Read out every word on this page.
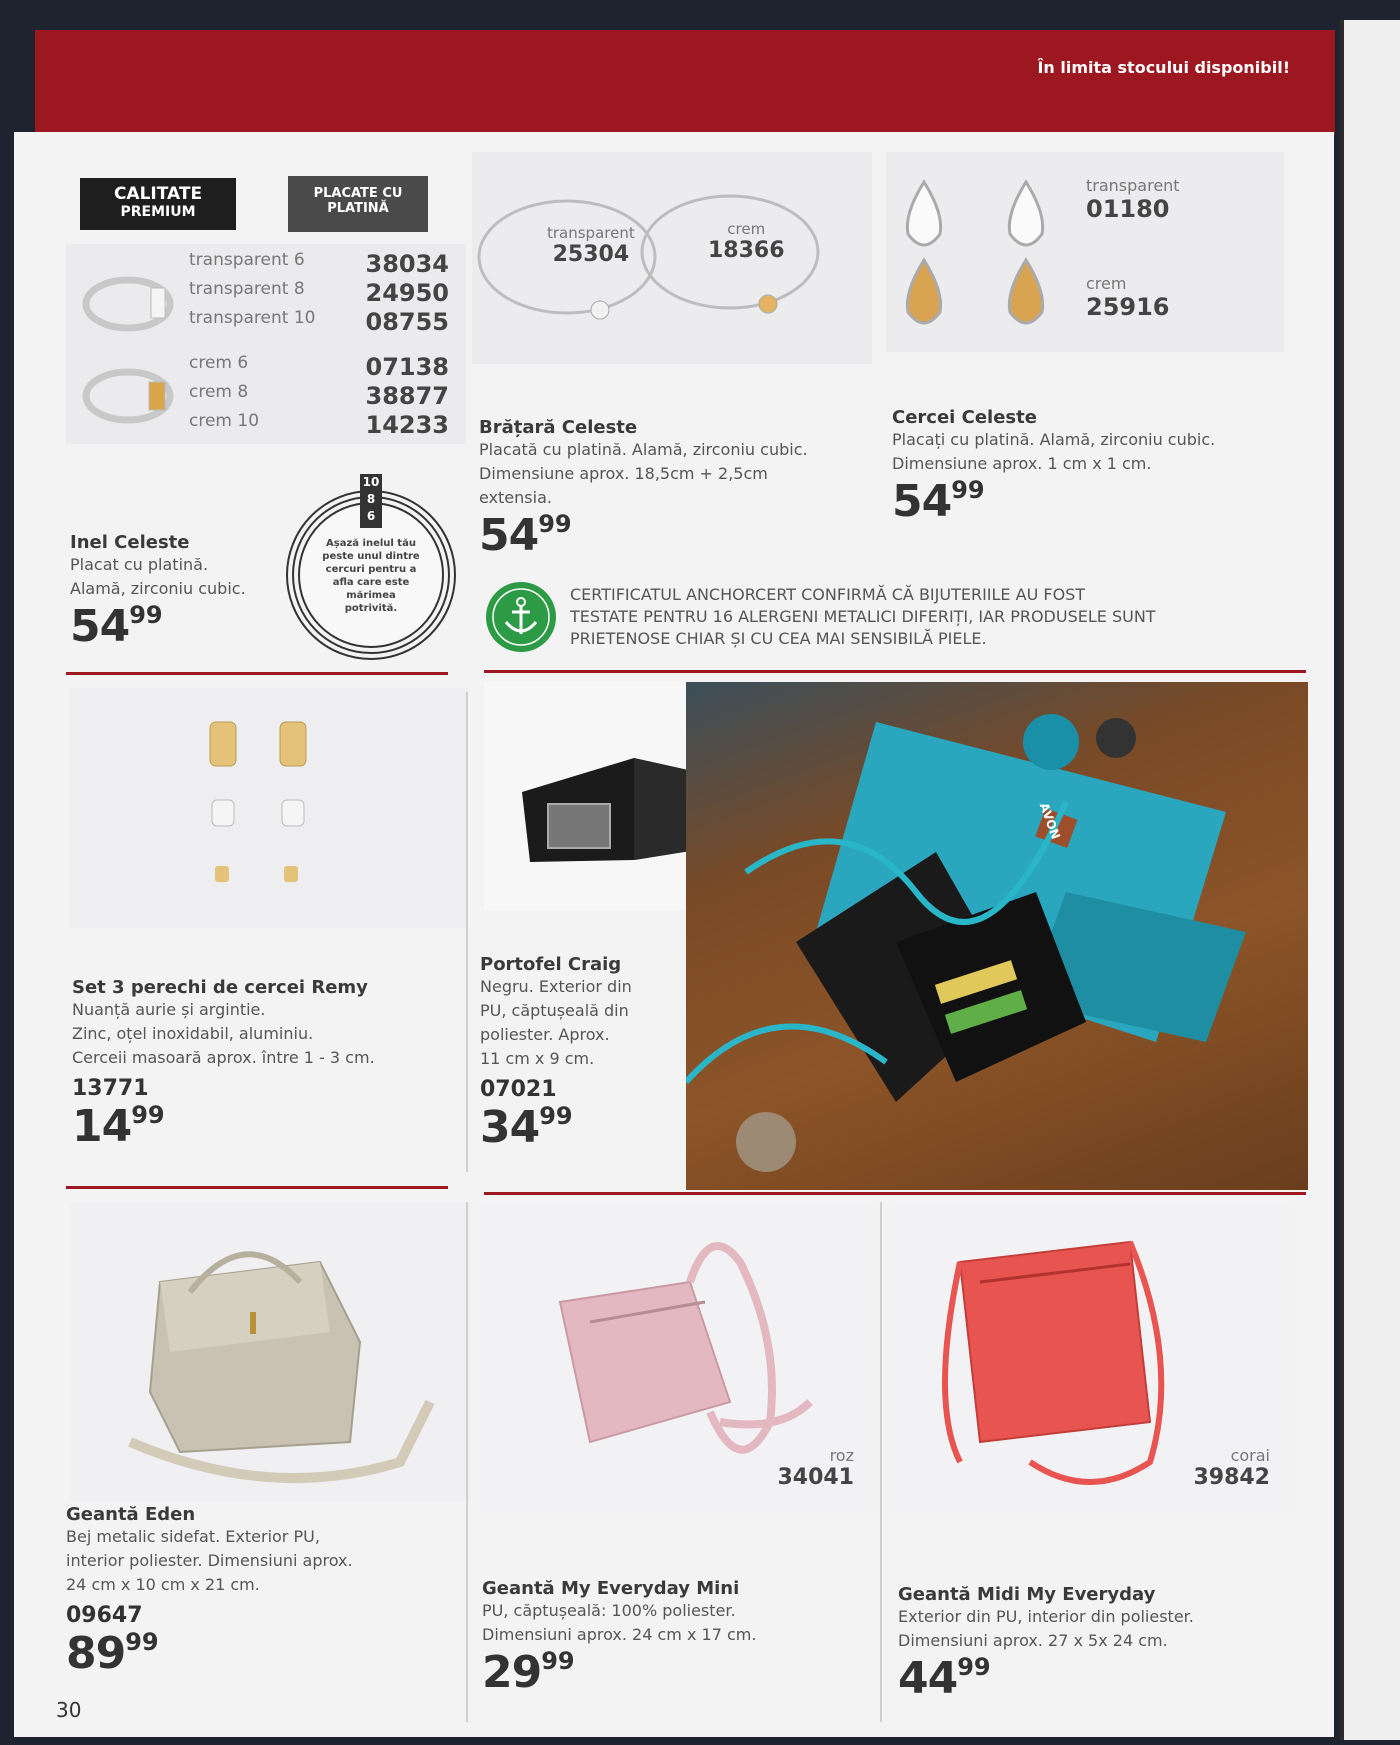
În limita stocului disponibil!
CALITATE
PREMIUM
PLACATE CU
PLATINĂ
transparent 6	38034
transparent 8	24950
transparent 10 08755
crem 6	07138
crem 8	38877
crem 10	14233
10
8
6
Așază inelul tău peste unul dintre cercuri pentru a afla care este mărimea potrivită.
Inel Celeste
Placat cu platină.
Alamă, zirconiu cubic.
$54^{99}$
transparent
25304
crem
18366
Brățară Celeste
Placată cu platină. Alamă, zirconiu cubic.
Dimensiune aprox. 18,5cm + 2,5cm
extensia.
$54^{99}$
transparent
01180
crem
25916
Cercei Celeste
Placați cu platină. Alamă, zirconiu cubic.
Dimensiune aprox. 1 cm x 1 cm.
$54^{99}$
CERTIFICATUL ANCHORCERT CONFIRMĂ CĂ BIJUTERIILE AU FOST
TESTATE PENTRU 16 ALERGENI METALICI DIFERIȚI, IAR PRODUSELE SUNT
PRIETENOSE CHIAR ȘI CU CEA MAI SENSIBILĂ PIELE.
Set 3 perechi de cercei Remy
Nuanță aurie și argintie.
Zinc, oțel inoxidabil, aluminiu.
Cerceii masoară aprox. între 1 - 3 cm.
13771
$14^{99}$
AVON
Portofel Craig
Negru. Exterior din
PU, căptușeală din
poliester. Aprox.
11 cm x 9 cm.
07021
$34^{99}$
Geantă Eden
Bej metalic sidefat. Exterior PU,
interior poliester. Dimensiuni aprox.
24 cm x 10 cm x 21 cm.
09647
$89^{99}$
roz
34041
Geantă My Everyday Mini
PU, căptușeală: 100% poliester.
Dimensiuni aprox. 24 cm x 17 cm.
$29^{99}$
corai
39842
Geantă Midi My Everyday
Exterior din PU, interior din poliester.
Dimensiuni aprox. 27 x 5x 24 cm.
$44^{99}$
30
